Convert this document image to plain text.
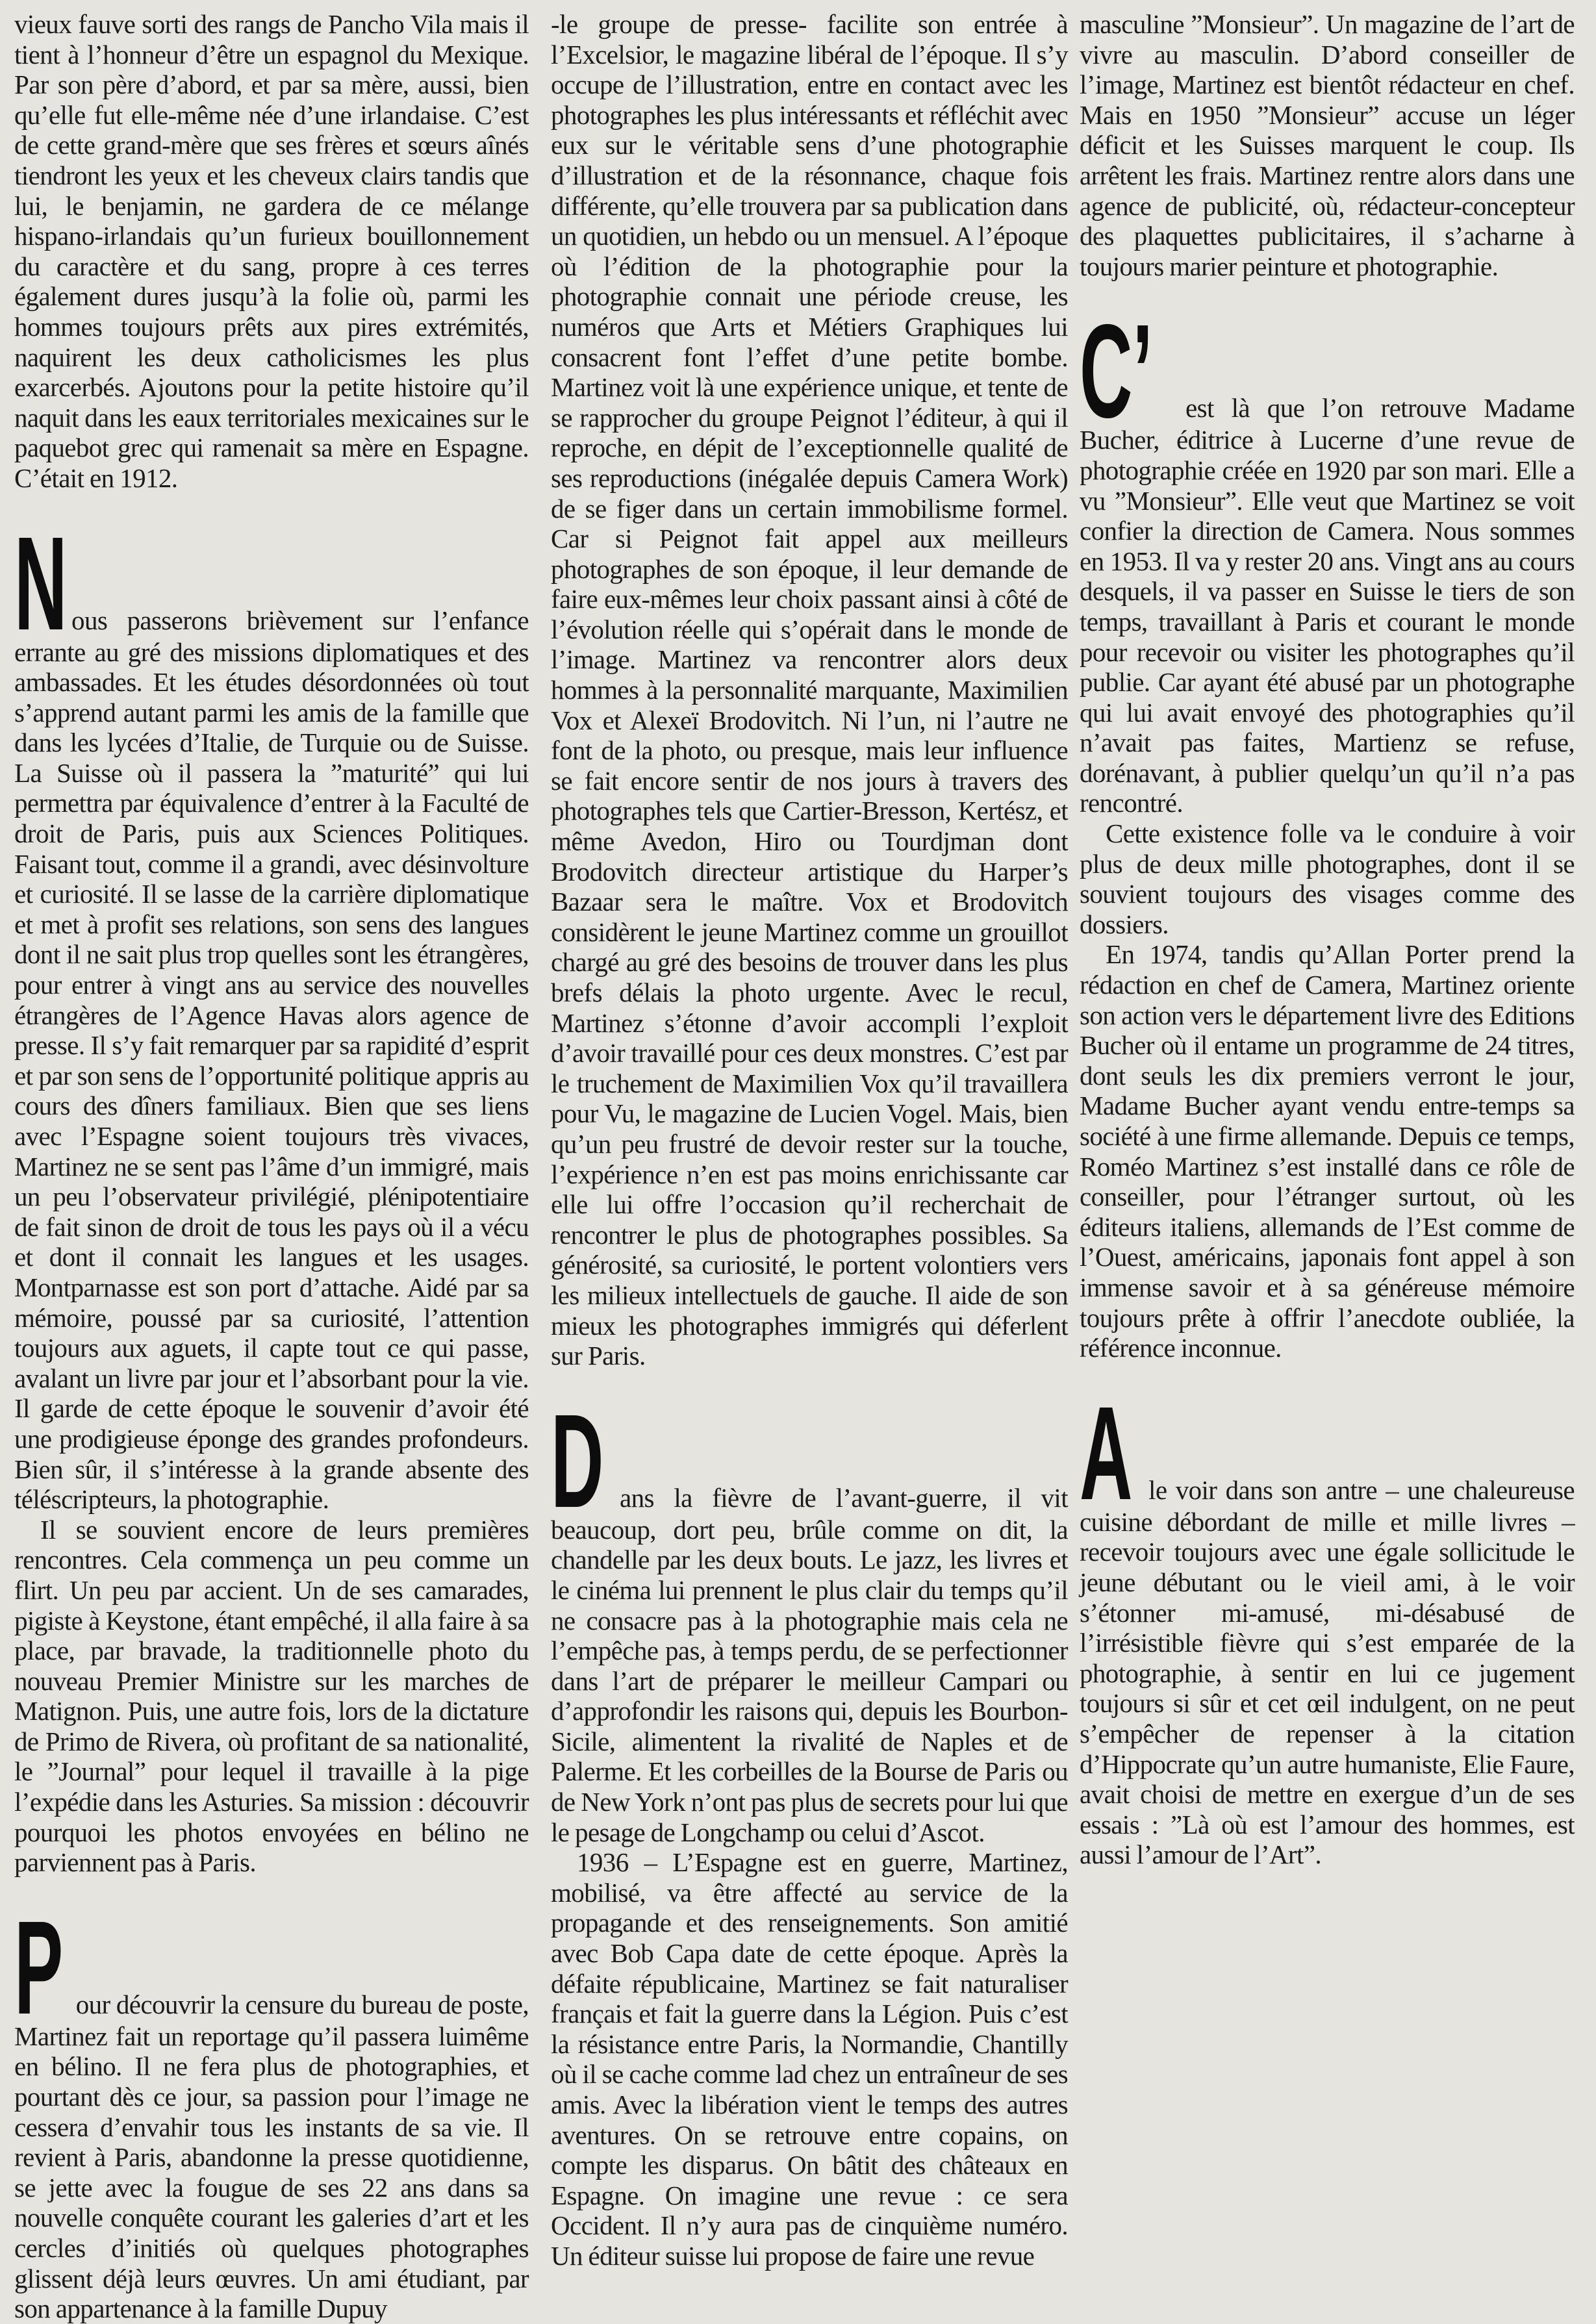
vieux fauve sorti des rangs de Pancho Vila mais il tient à l’honneur d’être un espagnol du Mexique. Par son père d’abord, et par sa mère, aussi, bien qu’elle fut elle-même née d’une irlandaise. C’est de cette grand-mère que ses frères et sœurs aînés tiendront les yeux et les cheveux clairs tandis que lui, le benjamin, ne gardera de ce mélange hispano-irlandais qu’un furieux bouillonnement du caractère et du sang, propre à ces terres également dures jusqu’à la folie où, parmi les hommes toujours prêts aux pires extrémités, naquirent les deux catholicismes les plus exarcerbés. Ajoutons pour la petite histoire qu’il naquit dans les eaux territoriales mexicaines sur le paquebot grec qui ramenait sa mère en Espagne. C’était en 1912.

Nous passerons brièvement sur l’enfance errante au gré des missions diplomatiques et des ambassades. Et les études désordonnées où tout s’apprend autant parmi les amis de la famille que dans les lycées d’Italie, de Turquie ou de Suisse. La Suisse où il passera la ”maturité” qui lui permettra par équivalence d’entrer à la Faculté de droit de Paris, puis aux Sciences Politiques. Faisant tout, comme il a grandi, avec désinvolture et curiosité. Il se lasse de la carrière diplomatique et met à profit ses relations, son sens des langues dont il ne sait plus trop quelles sont les étrangères, pour entrer à vingt ans au service des nouvelles étrangères de l’Agence Havas alors agence de presse. Il s’y fait remarquer par sa rapidité d’esprit et par son sens de l’opportunité politique appris au cours des dîners familiaux. Bien que ses liens avec l’Espagne soient toujours très vivaces, Martinez ne se sent pas l’âme d’un immigré, mais un peu l’observateur privilégié, plénipotentiaire de fait sinon de droit de tous les pays où il a vécu et dont il connait les langues et les usages. Montparnasse est son port d’attache. Aidé par sa mémoire, poussé par sa curiosité, l’attention toujours aux aguets, il capte tout ce qui passe, avalant un livre par jour et l’absorbant pour la vie. Il garde de cette époque le souvenir d’avoir été une prodigieuse éponge des grandes profondeurs. Bien sûr, il s’intéresse à la grande absente des téléscripteurs, la photographie.

Il se souvient encore de leurs premières rencontres. Cela commença un peu comme un flirt. Un peu par accient. Un de ses camarades, pigiste à Keystone, étant empêché, il alla faire à sa place, par bravade, la traditionnelle photo du nouveau Premier Ministre sur les marches de Matignon. Puis, une autre fois, lors de la dictature de Primo de Rivera, où profitant de sa nationalité, le ”Journal” pour lequel il travaille à la pige l’expédie dans les Asturies. Sa mission : découvrir pourquoi les photos envoyées en bélino ne parviennent pas à Paris.

Pour découvrir la censure du bureau de poste, Martinez fait un reportage qu’il passera luimême en bélino. Il ne fera plus de photographies, et pourtant dès ce jour, sa passion pour l’image ne cessera d’envahir tous les instants de sa vie. Il revient à Paris, abandonne la presse quotidienne, se jette avec la fougue de ses 22 ans dans sa nouvelle conquête courant les galeries d’art et les cercles d’initiés où quelques photographes glissent déjà leurs œuvres. Un ami étudiant, par son appartenance à la famille Dupuy

-le groupe de presse- facilite son entrée à l’Excelsior, le magazine libéral de l’époque. Il s’y occupe de l’illustration, entre en contact avec les photographes les plus intéressants et réfléchit avec eux sur le véritable sens d’une photographie d’illustration et de la résonnance, chaque fois différente, qu’elle trouvera par sa publication dans un quotidien, un hebdo ou un mensuel. A l’époque où l’édition de la photographie pour la photographie connait une période creuse, les numéros que Arts et Métiers Graphiques lui consacrent font l’effet d’une petite bombe. Martinez voit là une expérience unique, et tente de se rapprocher du groupe Peignot l’éditeur, à qui il reproche, en dépit de l’exceptionnelle qualité de ses reproductions (inégalée depuis Camera Work) de se figer dans un certain immobilisme formel. Car si Peignot fait appel aux meilleurs photographes de son époque, il leur demande de faire eux-mêmes leur choix passant ainsi à côté de l’évolution réelle qui s’opérait dans le monde de l’image. Martinez va rencontrer alors deux hommes à la personnalité marquante, Maximilien Vox et Alexeï Brodovitch. Ni l’un, ni l’autre ne font de la photo, ou presque, mais leur influence se fait encore sentir de nos jours à travers des photographes tels que Cartier-Bresson, Kertész, et même Avedon, Hiro ou Tourdjman dont Brodovitch directeur artistique du Harper’s Bazaar sera le maître. Vox et Brodovitch considèrent le jeune Martinez comme un grouillot chargé au gré des besoins de trouver dans les plus brefs délais la photo urgente. Avec le recul, Martinez s’étonne d’avoir accompli l’exploit d’avoir travaillé pour ces deux monstres. C’est par le truchement de Maximilien Vox qu’il travaillera pour Vu, le magazine de Lucien Vogel. Mais, bien qu’un peu frustré de devoir rester sur la touche, l’expérience n’en est pas moins enrichissante car elle lui offre l’occasion qu’il recherchait de rencontrer le plus de photographes possibles. Sa générosité, sa curiosité, le portent volontiers vers les milieux intellectuels de gauche. Il aide de son mieux les photographes immigrés qui déferlent sur Paris.

Dans la fièvre de l’avant-guerre, il vit beaucoup, dort peu, brûle comme on dit, la chandelle par les deux bouts. Le jazz, les livres et le cinéma lui prennent le plus clair du temps qu’il ne consacre pas à la photographie mais cela ne l’empêche pas, à temps perdu, de se perfectionner dans l’art de préparer le meilleur Campari ou d’approfondir les raisons qui, depuis les Bourbon-Sicile, alimentent la rivalité de Naples et de Palerme. Et les corbeilles de la Bourse de Paris ou de New York n’ont pas plus de secrets pour lui que le pesage de Longchamp ou celui d’Ascot.

1936 – L’Espagne est en guerre, Martinez, mobilisé, va être affecté au service de la propagande et des renseignements. Son amitié avec Bob Capa date de cette époque. Après la défaite républicaine, Martinez se fait naturaliser français et fait la guerre dans la Légion. Puis c’est la résistance entre Paris, la Normandie, Chantilly où il se cache comme lad chez un entraîneur de ses amis. Avec la libération vient le temps des autres aventures. On se retrouve entre copains, on compte les disparus. On bâtit des châteaux en Espagne. On imagine une revue : ce sera Occident. Il n’y aura pas de cinquième numéro. Un éditeur suisse lui propose de faire une revue

masculine ”Monsieur”. Un magazine de l’art de vivre au masculin. D’abord conseiller de l’image, Martinez est bientôt rédacteur en chef. Mais en 1950 ”Monsieur” accuse un léger déficit et les Suisses marquent le coup. Ils arrêtent les frais. Martinez rentre alors dans une agence de publicité, où, rédacteur-concepteur des plaquettes publicitaires, il s’acharne à toujours marier peinture et photographie.

C’ est là que l’on retrouve Madame Bucher, éditrice à Lucerne d’une revue de photographie créée en 1920 par son mari. Elle a vu ”Monsieur”. Elle veut que Martinez se voit confier la direction de Camera. Nous sommes en 1953. Il va y rester 20 ans. Vingt ans au cours desquels, il va passer en Suisse le tiers de son temps, travaillant à Paris et courant le monde pour recevoir ou visiter les photographes qu’il publie. Car ayant été abusé par un photographe qui lui avait envoyé des photographies qu’il n’avait pas faites, Martienz se refuse, dorénavant, à publier quelqu’un qu’il n’a pas rencontré.

Cette existence folle va le conduire à voir plus de deux mille photographes, dont il se souvient toujours des visages comme des dossiers.

En 1974, tandis qu’Allan Porter prend la rédaction en chef de Camera, Martinez oriente son action vers le département livre des Editions Bucher où il entame un programme de 24 titres, dont seuls les dix premiers verront le jour, Madame Bucher ayant vendu entre-temps sa société à une firme allemande. Depuis ce temps, Roméo Martinez s’est installé dans ce rôle de conseiller, pour l’étranger surtout, où les éditeurs italiens, allemands de l’Est comme de l’Ouest, américains, japonais font appel à son immense savoir et à sa généreuse mémoire toujours prête à offrir l’anecdote oubliée, la référence inconnue.

Ale voir dans son antre – une chaleureuse cuisine débordant de mille et mille livres – recevoir toujours avec une égale sollicitude le jeune débutant ou le vieil ami, à le voir s’étonner mi-amusé, mi-désabusé de l’irrésistible fièvre qui s’est emparée de la photographie, à sentir en lui ce jugement toujours si sûr et cet œil indulgent, on ne peut s’empêcher de repenser à la citation d’Hippocrate qu’un autre humaniste, Elie Faure, avait choisi de mettre en exergue d’un de ses essais : ”Là où est l’amour des hommes, est aussi l’amour de l’Art”.
